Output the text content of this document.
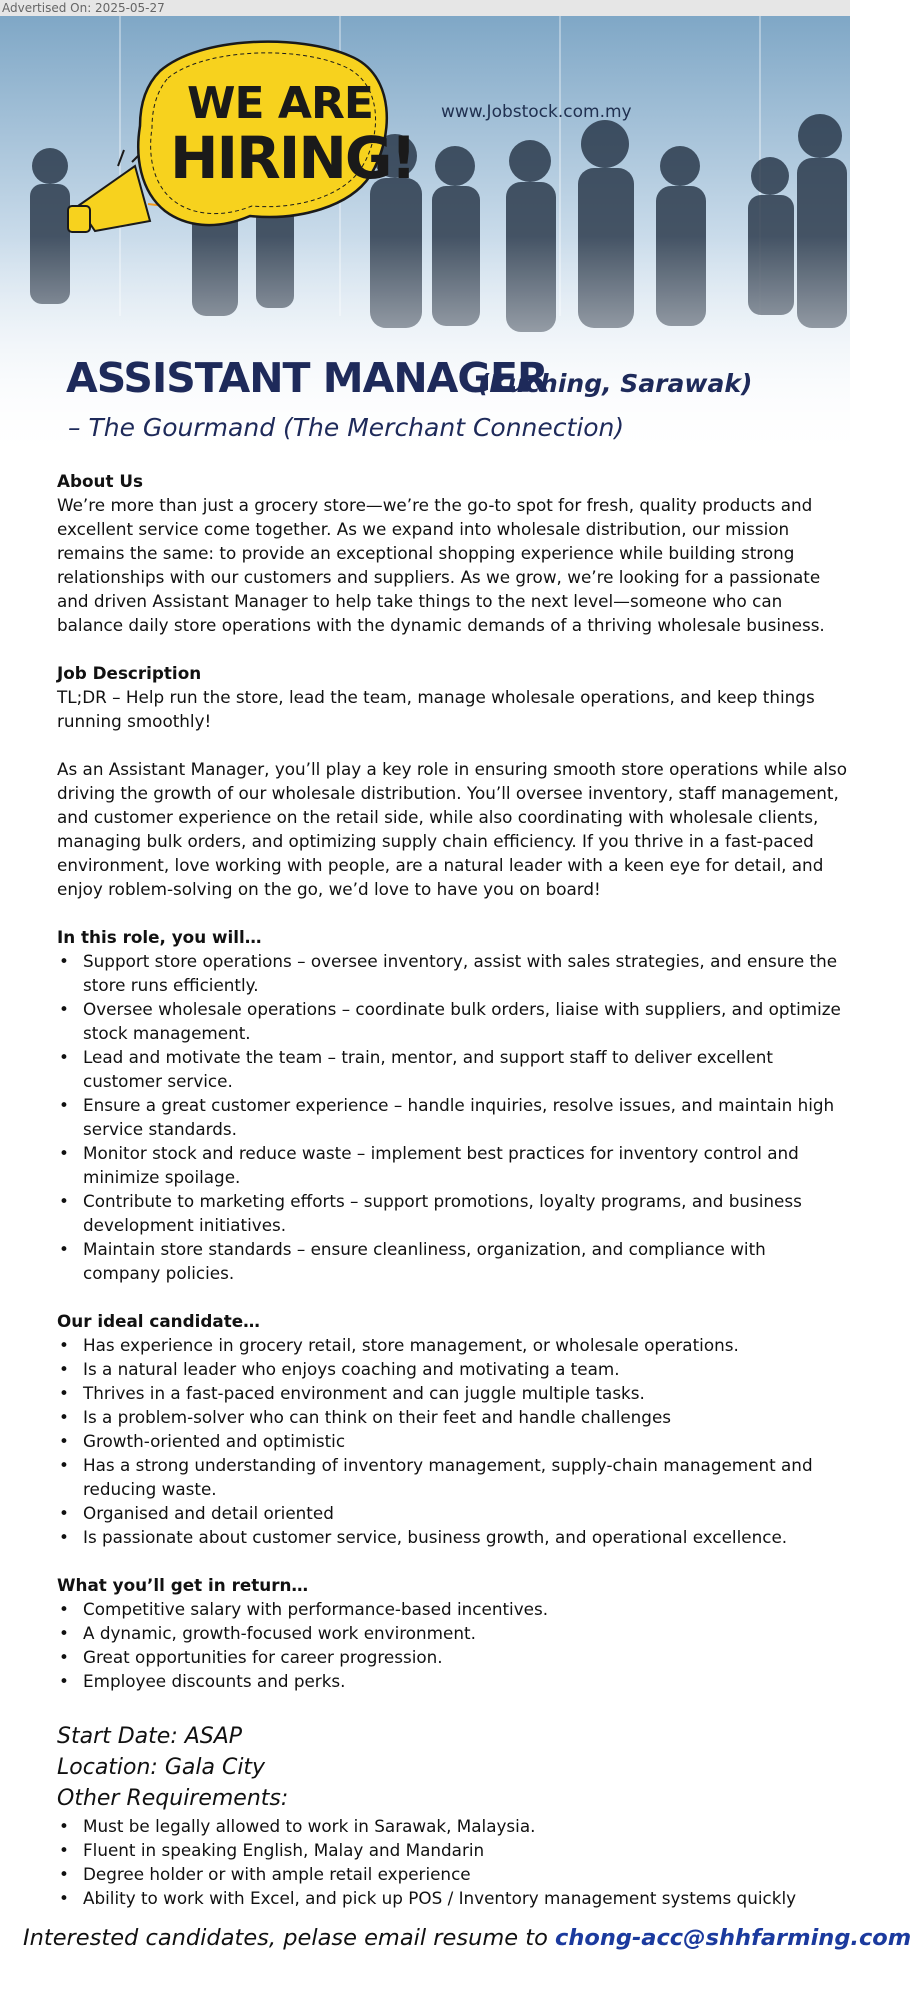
Advertised On: 2025-05-27
WE ARE
HIRING!
www.Jobstock.com.my
ASSISTANT MANAGER
(Kuching, Sarawak)
– The Gourmand (The Merchant Connection)

About Us

We’re more than just a grocery store—we’re the go-to spot for fresh, quality products and excellent service come together. As we expand into wholesale distribution, our mission remains the same: to provide an exceptional shopping experience while building strong relationships with our customers and suppliers. As we grow, we’re looking for a passionate and driven Assistant Manager to help take things to the next level—someone who can balance daily store operations with the dynamic demands of a thriving wholesale business.

Job Description

TL;DR – Help run the store, lead the team, manage wholesale operations, and keep things running smoothly!

As an Assistant Manager, you’ll play a key role in ensuring smooth store operations while also driving the growth of our wholesale distribution. You’ll oversee inventory, staff management, and customer experience on the retail side, while also coordinating with wholesale clients, managing bulk orders, and optimizing supply chain efficiency. If you thrive in a fast-paced environment, love working with people, are a natural leader with a keen eye for detail, and enjoy roblem-solving on the go, we’d love to have you on board!

In this role, you will…

• Support store operations – oversee inventory, assist with sales strategies, and ensure the store runs efficiently.
• Oversee wholesale operations – coordinate bulk orders, liaise with suppliers, and optimize stock management.
• Lead and motivate the team – train, mentor, and support staff to deliver excellent customer service.
• Ensure a great customer experience – handle inquiries, resolve issues, and maintain high service standards.
• Monitor stock and reduce waste – implement best practices for inventory control and minimize spoilage.
• Contribute to marketing efforts – support promotions, loyalty programs, and business development initiatives.
• Maintain store standards – ensure cleanliness, organization, and compliance with company policies.

Our ideal candidate…

• Has experience in grocery retail, store management, or wholesale operations.
• Is a natural leader who enjoys coaching and motivating a team.
• Thrives in a fast-paced environment and can juggle multiple tasks.
• Is a problem-solver who can think on their feet and handle challenges
• Growth-oriented and optimistic
• Has a strong understanding of inventory management, supply-chain management and reducing waste.
• Organised and detail oriented
• Is passionate about customer service, business growth, and operational excellence.

What you’ll get in return…

• Competitive salary with performance-based incentives.
• A dynamic, growth-focused work environment.
• Great opportunities for career progression.
• Employee discounts and perks.

Start Date: ASAP

Location: Gala City

Other Requirements:

• Must be legally allowed to work in Sarawak, Malaysia.
• Fluent in speaking English, Malay and Mandarin
• Degree holder or with ample retail experience
• Ability to work with Excel, and pick up POS / Inventory management systems quickly
Interested candidates, pelase email resume to chong-acc@shhfarming.com
